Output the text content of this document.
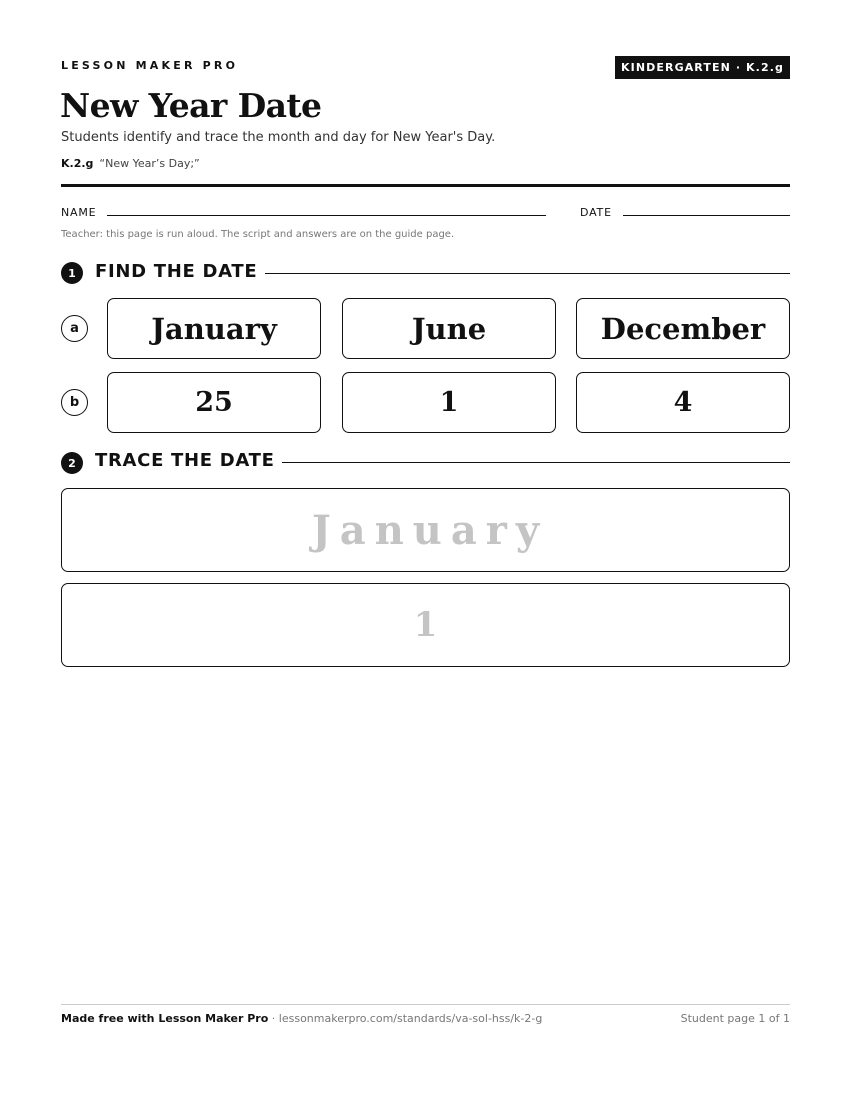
LESSON MAKER PRO	KINDERGARTEN · K.2.g
New Year Date
Students identify and trace the month and day for New Year's Day.
K.2.g “New Year’s Day;”
NAME	DATE
Teacher: this page is run aloud. The script and answers are on the guide page.
1	FIND THE DATE
a	January	June	December
b	25	1	4
2	TRACE THE DATE
January
1
Made free with Lesson Maker Pro · lessonmakerpro.com/standards/va-sol-hss/k-2-g	Student page 1 of 1
